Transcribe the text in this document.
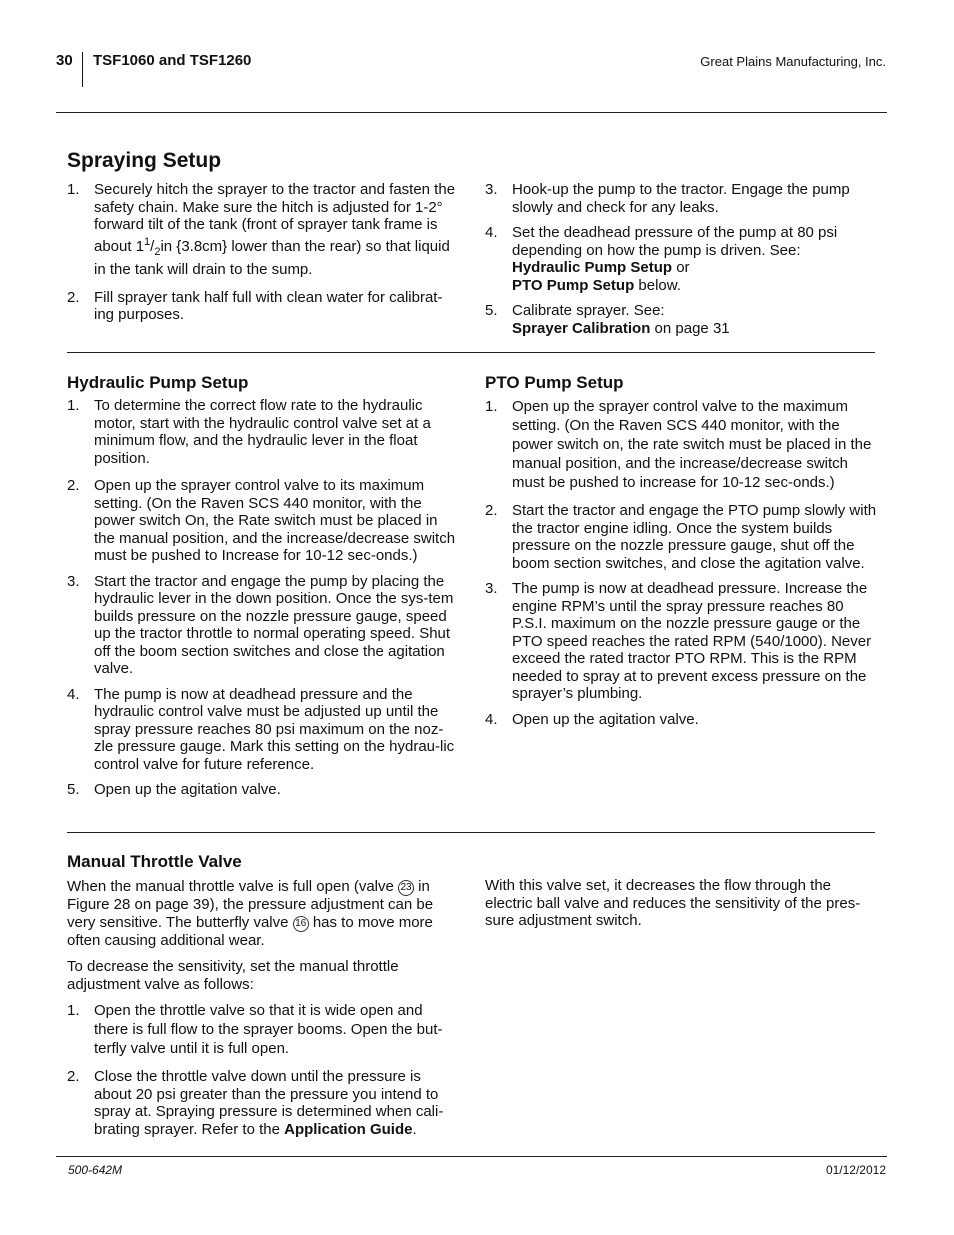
30 TSF1060 and TSF1260	Great Plains Manufacturing, Inc.
Spraying Setup
1. Securely hitch the sprayer to the tractor and fasten the safety chain. Make sure the hitch is adjusted for 1-2° forward tilt of the tank (front of sprayer tank frame is about $1^1/_2in$ {3.8cm} lower than the rear) so that liquid in the tank will drain to the sump.
2. Fill sprayer tank half full with clean water for calibrat-ing purposes.
3. Hook-up the pump to the tractor. Engage the pump slowly and check for any leaks.
4. Set the deadhead pressure of the pump at 80 psi depending on how the pump is driven. See:
Hydraulic Pump Setup or
PTO Pump Setup below.
5. Calibrate sprayer. See:
Sprayer Calibration on page 31
Hydraulic Pump Setup
1. To determine the correct flow rate to the hydraulic motor, start with the hydraulic control valve set at a minimum flow, and the hydraulic lever in the float position.
2. Open up the sprayer control valve to its maximum setting. (On the Raven SCS 440 monitor, with the power switch On, the Rate switch must be placed in the manual position, and the increase/decrease switch must be pushed to Increase for 10-12 sec-onds.)
3. Start the tractor and engage the pump by placing the hydraulic lever in the down position. Once the sys-tem builds pressure on the nozzle pressure gauge, speed up the tractor throttle to normal operating speed. Shut off the boom section switches and close the agitation valve.
4. The pump is now at deadhead pressure and the hydraulic control valve must be adjusted up until the spray pressure reaches 80 psi maximum on the noz-zle pressure gauge. Mark this setting on the hydrau-lic control valve for future reference.
5. Open up the agitation valve.
PTO Pump Setup
1. Open up the sprayer control valve to the maximum setting. (On the Raven SCS 440 monitor, with the power switch on, the rate switch must be placed in the manual position, and the increase/decrease switch must be pushed to increase for 10-12 sec-onds.)
2. Start the tractor and engage the PTO pump slowly with the tractor engine idling. Once the system builds pressure on the nozzle pressure gauge, shut off the boom section switches, and close the agitation valve.
3. The pump is now at deadhead pressure. Increase the engine RPM’s until the spray pressure reaches 80 P.S.I. maximum on the nozzle pressure gauge or the PTO speed reaches the rated RPM (540/1000). Never exceed the rated tractor PTO RPM. This is the RPM needed to spray at to prevent excess pressure on the sprayer’s plumbing.
4. Open up the agitation valve.
Manual Throttle Valve

When the manual throttle valve is full open (valve 23 in Figure 28 on page 39), the pressure adjustment can be very sensitive. The butterfly valve 16 has to move more often causing additional wear.

To decrease the sensitivity, set the manual throttle adjustment valve as follows:

1. Open the throttle valve so that it is wide open and there is full flow to the sprayer booms. Open the but-terfly valve until it is full open.
2. Close the throttle valve down until the pressure is about 20 psi greater than the pressure you intend to spray at. Spraying pressure is determined when cali-brating sprayer. Refer to the Application Guide.

With this valve set, it decreases the flow through the electric ball valve and reduces the sensitivity of the pres-sure adjustment switch.

500-642M	01/12/2012
